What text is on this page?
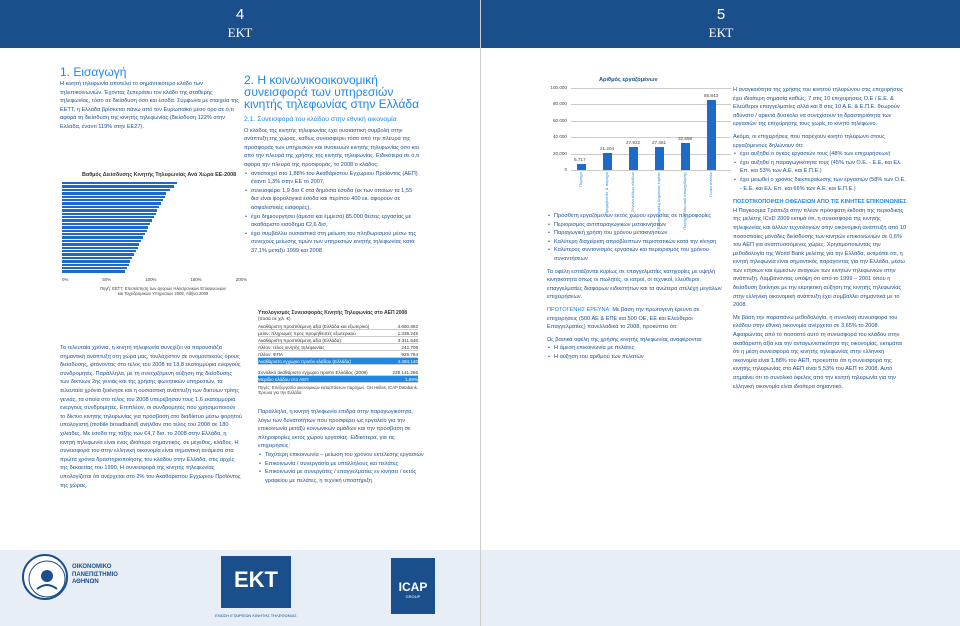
4
ΕΚΤ
1. Εισαγωγή
Η κινητή τηλεφωνία αποτελεί το σημαντικότερο κλάδο των τηλεπικοινωνιών. Έχοντας ξεπεράσει τον κλάδο της σταθερής τηλεφωνίας, τόσο σε διείσδυση όσο και έσοδα. Σύμφωνα με στοιχεία της ΕΕΤΤ, η Ελλάδα βρίσκεται πάνω από τον Ευρωπαϊκό μέσο όρο σε ό,τι αφορά τη διείσδυση της κινητής τηλεφωνίας (διείσδυση 122% στην Ελλάδα, έναντι 119% στην ΕΕ27).
Βαθμός Διείσδυσης Κινητής Τηλεφωνίας Ανά Χώρα ΕΕ-2008
0%	50%	100%	150%	200%
Πηγή: ΕΕΤΤ, Επισκόπηση των αγορών Ηλεκτρονικών Επικοινωνιών και Ταχυδρομικών Υπηρεσιών 2008, Αθήνα 2009
Τα τελευταία χρόνια, η κινητή τηλεφωνία συνεχίζει να παρουσιάζει σημαντική ανάπτυξη στη χώρα μας, τουλάχιστον σε ονομαστικούς όρους διείσδυσης, φτάνοντας στο τέλος του 2008 τα 13,8 εκατομμύρια ενεργούς συνδρομητές. Παράλληλα, με τη συνεχιζόμενη αύξηση της διείσδυσης των δικτύων 2ης γενιάς και της χρήσης φωνητικών υπηρεσιών, τα τελευταία χρόνια ξεκίνησε και η ουσιαστική ανάπτυξη των δικτύων τρίτης γενιάς, τα οποία στο τέλος του 2008 υπερέβησαν τους 1,6 εκατομμύρια ενεργούς συνδρομητές. Επιπλέον, οι συνδρομητές που χρησιμοποιούν το δίκτυο κινητής τηλεφωνίας για πρόσβαση στο διαδίκτυο μέσω φορητού υπολογιστή (mobile broadband) ανήλθαν στο τέλος του 2008 σε 180 χιλιάδες. Με έσοδα της τάξης των €4,7 δισ. το 2008 στην Ελλάδα, η κινητή τηλεφωνία είναι ένας ιδιαίτερα σημαντικός, σε μέγεθος, κλάδος. Η συνεισφορά του στην ελληνική οικονομία είναι σημαντική ανάμεσα στα πρώτα χρόνια δραστηριοποίησης του κλάδου στην Ελλάδα, στις αρχές της δεκαετίας του 1990. Η συνεισφορά της κινητής τηλεφωνίας υπολογίζεται ότι ανέρχεται στο 2% του Ακαθάριστου Εγχώριου Προϊόντος της χώρας.
2. Η κοινωνικοοικονομική συνεισφορά των υπηρεσιών κινητής τηλεφωνίας στην Ελλάδα
2.1. Συνεισφορά του κλάδου στην εθνική οικονομία
Ο κλάδος της κινητής τηλεφωνίας έχει ουσιαστική συμβολή στην ανάπτυξη της χώρας, καθώς συνεισφέρει τόσο από την πλευρά της προσφοράς των υπηρεσιών και συσκευών κινητής τηλεφωνίας όσο και από την πλευρά της χρήσης της κινητής τηλεφωνίας. Ειδικότερα σε ό,τι αφορά την πλευρά της προσφοράς, το 2008 ο κλάδος:
• αντιστοιχεί στο 1,88% του Ακαθάριστου Εγχώριου Προϊόντος (ΑΕΠ) έναντι 1,3% στην ΕΕ το 2007,
• συνεισφέρει 1,9 δισ € στα δημόσια έσοδα (εκ των οποίων τα 1,55 δισ είναι φορολογικά έσοδα και περίπου 400 εκ. αφορούν σε ασφαλιστικές εισφορές),
• έχει δημιουργήσει (άμεσα και έμμεσα) 85.000 θέσεις εργασίας με ακαθάριστο εισόδημα €2,6 δισ,
• έχει συμβάλλει ουσιαστικά στη μείωση του πληθωρισμού μέσω της συνεχούς μείωσης τιμών των υπηρεσιών κινητής τηλεφωνίας κατά 37,1% μεταξύ 1999 και 2008
Υπολογισμός Συνεισφοράς Κινητής Τηλεφωνίας στο ΑΕΠ 2008
(ποσά σε χιλ. €)
Ακαθάριστη προστιθέμενη αξία (Ελλάδα και εξωτερικό)	4.650.892
μείον: πληρωμές προς προμηθευτές εξωτερικού	1.339.245
Ακαθάριστη προστιθέμενη αξία (Ελλάδα)	3.311.648
πλέον: τέλος κινητής τηλεφωνίας	242.708
πλέον: ΦΠΑ	929.784
Ακαθάριστο εγχώριο προϊόν κλάδου (Ελλάδα)	4.484.140
Συνολικό ακαθάριστο εγχώριο προϊόν Ελλάδας (2008)	239.141.266
Μερίδιο κλάδου στο ΑΕΠ	1,88%
Πηγές: Επεξεργασία οικονομικών καταστάσεων παρόχων, ΟΗ Hellas, ICAP Databank, Έρευνα για την Ελλάδα
Παράλληλα, η κινητή τηλεφωνία επιδρά στην παραγωγικότητα, λόγω των δυνατοτήτων που προσφέρει ως εργαλείο για την επικοινωνία μεταξύ κοινωνικών ομάδων και την πρόσβαση σε πληροφορίες εκτός χώρου εργασίας. Ειδικότερα, για τις επιχειρήσεις:
• Ταχύτερη επικοινωνία – μείωση του χρόνου εκτέλεσης εργασιών
• Επικοινωνία / συνεργασία με υπαλλήλους και πελάτες
• Επικοινωνία με συνεργάτες / επαγγελματίες εν κινήσει / εκτός γραφείου με πελάτες, η τεχνική υποστήριξη
ΟΙΚΟΝΟΜΙΚΟ
ΠΑΝΕΠΙΣΤΗΜΙΟ
ΑΘΗΝΩΝ
5
ΕΚΤ
Αριθμός εργαζομένων
100.000
80.000
60.000
40.000
20.000
0
6.717
Πάροχοι
21.204
Προμηθευτές & πάροχοι
27.922
Σύνολο άλλων κλάδων
27.461
Έμμεσα οφέλη Δημόσιος τομέας
32.558
Παρόχων Ιδιωτικά απασχόλησης
85.843
Γενικό σύνολο
• Πρόσθετη εργαζόμενων εκτός χώρου εργασίας σε πληροφορίες
• Περιορισμός αντιπαραγωγικών μετακινήσεων
• Παραγωγική χρήση του χρόνου μετακινήσεων
• Καλύτερη διαχείριση απρόβλεπτων περιστατικών κατά την κίνηση
• Καλύτερος συντονισμός εργασιών και περιορισμός του χρόνου συναντήσεων
Τα οφέλη εστιάζονται κυρίως σε επαγγελματίες κατηγορίες με υψηλή κινητικότητα όπως οι πωλητές, οι ιατροί, οι τεχνικοί, ελεύθεροι επαγγελματίες διάφορων ειδικοτήτων και τα ανώτερα στελέχη μεγάλων επιχειρήσεων.
ΠΡΩΤΟΓΕΝΗΣ ΕΡΕΥΝΑ: Με βάση την πρωτογενή έρευνα σε επιχειρήσεις (500 ΑΕ & ΕΠΕ και 500 ΟΕ, ΕΕ και Ελεύθεροι Επαγγελματίες) πανελλαδικά το 2008, προκύπτει ότι:
Ως βασικά οφέλη της χρήσης κινητής τηλεφωνίας αναφέρονται:
• Η άμεση επικοινωνία με πελάτες
• Η αύξηση του αριθμού των πελατών
Η αναγκαιότητα της χρήσης του κινητού τηλεφώνου στις επιχειρήσεις έχει ιδιαίτερη σημασία καθώς, 7 στις 10 επιχειρήσεις Ο.Ε / Ε.Ε. & Ελεύθεροι επαγγελματίες αλλά και 8 στις 10 Α.Ε. & Ε.Π.Ε. θεωρούν αδύνατο / αρκετά δύσκολο να συνεχίσουν τη δραστηριότητα των εργασιών της επιχείρησης τους χωρίς το κινητό τηλέφωνο.
Ακόμα, οι επιχειρήσεις που παρέχουν κινητό τηλέφωνο στους εργαζόμενους δηλώνουν ότι:
• έχει αυξηθεί ο όγκος εργασιών τους (48% των επιχειρήσεων)
• έχει αυξηθεί η παραγωγικότητα τους (45% των Ο.Ε. - Ε.Ε. και Ελ. Επ. και 53% των Α.Ε. και Ε.Π.Ε.)
• έχει μειωθεί ο χρόνος διεκπεραίωσης των εργασιών (58% των Ο.Ε. - Ε.Ε. και Ελ. Επ. και 66% των Α.Ε. και Ε.Π.Ε.)
ΠΟΣΟΤΙΚΟΠΟΙΗΣΗ ΟΦΕΛΕΙΩΝ ΑΠΟ ΤΙΣ ΚΙΝΗΤΕΣ ΕΠΙΚΟΙΝΩΝΙΕΣ
Η Παγκόσμια Τράπεζα στην πλέον πρόσφατη έκδοση της περιοδικής της μελέτης ICxD 2009 εκτιμά ότι, η συνεισφορά της κινητής τηλεφωνίας και άλλων τεχνολογιών στην οικονομική ανάπτυξη από 10 ποσοστιαίες μονάδες διείσδυσης των κινητών επικοινωνιών σε 0,6% του ΑΕΠ για αναπτυσσόμενες χώρες. Χρησιμοποιώντας την μεθοδολογία της World Bank μελέτης για την Ελλάδα, εκτιμάται ότι, η κινητή τηλεφωνία είναι σημαντικός παράγοντας για την Ελλάδα, μέσω των ετήσιων και έμμεσων αναγκών των κινητών τηλεφωνιών στην ανάπτυξη. Λαμβάνοντας υπόψη ότι από το 1999 – 2001 όπου η διείσδυση ξεκίνησε με την εκρηκτική αύξηση της κινητής τηλεφωνίας στην ελληνική οικονομική ανάπτυξη έχει συμβάλλει σημαντικά με το 2008.
Με βάση την παραπάνω μεθοδολογία, η συνολική συνεισφορά του κλάδου στην εθνική οικονομία ανέρχεται σε 3,65% το 2008. Αφαιρώντας από το ποσοστό αυτό τη συνεισφορά του κλάδου στην ακαθάριστη αξία και την ανταγωνιστικότητα της οικονομίας, εκτιμάται ότι η μέση συνεισφορά της κινητής τηλεφωνίας στην ελληνική οικονομία είναι 1,88% του ΑΕΠ, προκύπτει ότι η συνεισφορά της κινητής τηλεφωνίας στο ΑΕΠ είναι 5,53% του ΑΕΠ το 2008. Αυτό σημαίνει ότι το συνολικό όφελος από την κινητή τηλεφωνία για την ελληνική οικονομία είναι ιδιαίτερα σημαντικό.
ΕΚΤ
ΕΝΩΣΗ ΕΤΑΙΡΕΙΩΝ ΚΙΝΗΤΗΣ ΤΗΛΕΦΩΝΙΑΣ
ICAP
GROUP
